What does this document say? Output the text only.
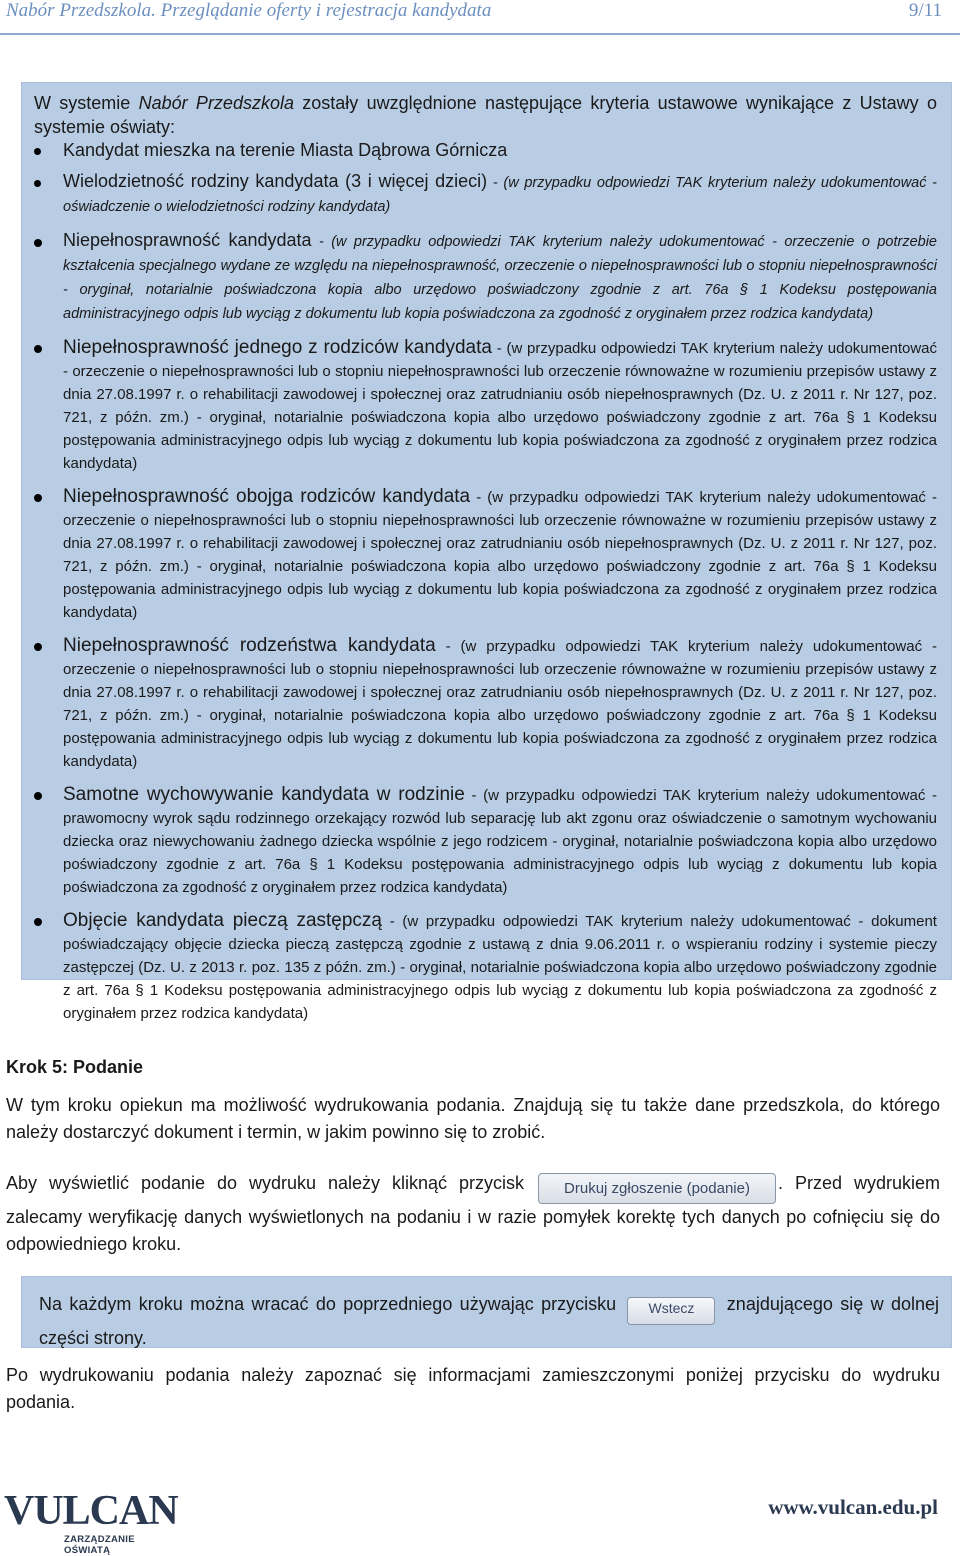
Nabór Przedszkola. Przeglądanie oferty i rejestracja kandydata	9/11

W systemie Nabór Przedszkola zostały uwzględnione następujące kryteria ustawowe wynikające z Ustawy o systemie oświaty:

Kandydat mieszka na terenie Miasta Dąbrowa Górnicza
Wielodzietność rodziny kandydata (3 i więcej dzieci) - (w przypadku odpowiedzi TAK kryterium należy udokumentować - oświadczenie o wielodzietności rodziny kandydata)
Niepełnosprawność kandydata - (w przypadku odpowiedzi TAK kryterium należy udokumentować - orzeczenie o potrzebie kształcenia specjalnego wydane ze względu na niepełnosprawność, orzeczenie o niepełnosprawności lub o stopniu niepełnosprawności - oryginał, notarialnie poświadczona kopia albo urzędowo poświadczony zgodnie z art. 76a § 1 Kodeksu postępowania administracyjnego odpis lub wyciąg z dokumentu lub kopia poświadczona za zgodność z oryginałem przez rodzica kandydata)
Niepełnosprawność jednego z rodziców kandydata - (w przypadku odpowiedzi TAK kryterium należy udokumentować - orzeczenie o niepełnosprawności lub o stopniu niepełnosprawności lub orzeczenie równoważne w rozumieniu przepisów ustawy z dnia 27.08.1997 r. o rehabilitacji zawodowej i społecznej oraz zatrudnianiu osób niepełnosprawnych (Dz. U. z 2011 r. Nr 127, poz. 721, z późn. zm.) - oryginał, notarialnie poświadczona kopia albo urzędowo poświadczony zgodnie z art. 76a § 1 Kodeksu postępowania administracyjnego odpis lub wyciąg z dokumentu lub kopia poświadczona za zgodność z oryginałem przez rodzica kandydata)
Niepełnosprawność obojga rodziców kandydata - (w przypadku odpowiedzi TAK kryterium należy udokumentować - orzeczenie o niepełnosprawności lub o stopniu niepełnosprawności lub orzeczenie równoważne w rozumieniu przepisów ustawy z dnia 27.08.1997 r. o rehabilitacji zawodowej i społecznej oraz zatrudnianiu osób niepełnosprawnych (Dz. U. z 2011 r. Nr 127, poz. 721, z późn. zm.) - oryginał, notarialnie poświadczona kopia albo urzędowo poświadczony zgodnie z art. 76a § 1 Kodeksu postępowania administracyjnego odpis lub wyciąg z dokumentu lub kopia poświadczona za zgodność z oryginałem przez rodzica kandydata)
Niepełnosprawność rodzeństwa kandydata - (w przypadku odpowiedzi TAK kryterium należy udokumentować - orzeczenie o niepełnosprawności lub o stopniu niepełnosprawności lub orzeczenie równoważne w rozumieniu przepisów ustawy z dnia 27.08.1997 r. o rehabilitacji zawodowej i społecznej oraz zatrudnianiu osób niepełnosprawnych (Dz. U. z 2011 r. Nr 127, poz. 721, z późn. zm.) - oryginał, notarialnie poświadczona kopia albo urzędowo poświadczony zgodnie z art. 76a § 1 Kodeksu postępowania administracyjnego odpis lub wyciąg z dokumentu lub kopia poświadczona za zgodność z oryginałem przez rodzica kandydata)
Samotne wychowywanie kandydata w rodzinie - (w przypadku odpowiedzi TAK kryterium należy udokumentować - prawomocny wyrok sądu rodzinnego orzekający rozwód lub separację lub akt zgonu oraz oświadczenie o samotnym wychowaniu dziecka oraz niewychowaniu żadnego dziecka wspólnie z jego rodzicem - oryginał, notarialnie poświadczona kopia albo urzędowo poświadczony zgodnie z art. 76a § 1 Kodeksu postępowania administracyjnego odpis lub wyciąg z dokumentu lub kopia poświadczona za zgodność z oryginałem przez rodzica kandydata)
Objęcie kandydata pieczą zastępczą - (w przypadku odpowiedzi TAK kryterium należy udokumentować - dokument poświadczający objęcie dziecka pieczą zastępczą zgodnie z ustawą z dnia 9.06.2011 r. o wspieraniu rodziny i systemie pieczy zastępczej (Dz. U. z 2013 r. poz. 135 z późn. zm.) - oryginał, notarialnie poświadczona kopia albo urzędowo poświadczony zgodnie z art. 76a § 1 Kodeksu postępowania administracyjnego odpis lub wyciąg z dokumentu lub kopia poświadczona za zgodność z oryginałem przez rodzica kandydata)
Krok 5: Podanie

W tym kroku opiekun ma możliwość wydrukowania podania. Znajdują się tu także dane przedszkola, do którego należy dostarczyć dokument i termin, w jakim powinno się to zrobić.

Aby wyświetlić podanie do wydruku należy kliknąć przycisk Drukuj zgłoszenie (podanie) . Przed wydrukiem zalecamy weryfikację danych wyświetlonych na podaniu i w razie pomyłek korektę tych danych po cofnięciu się do odpowiedniego kroku.

Na każdym kroku można wracać do poprzedniego używając przycisku Wstecz znajdującego się w dolnej części strony.

Po wydrukowaniu podania należy zapoznać się informacjami zamieszczonymi poniżej przycisku do wydruku podania.

VULCAN
ZARZĄDZANIE OŚWIATĄ
www.vulcan.edu.pl
